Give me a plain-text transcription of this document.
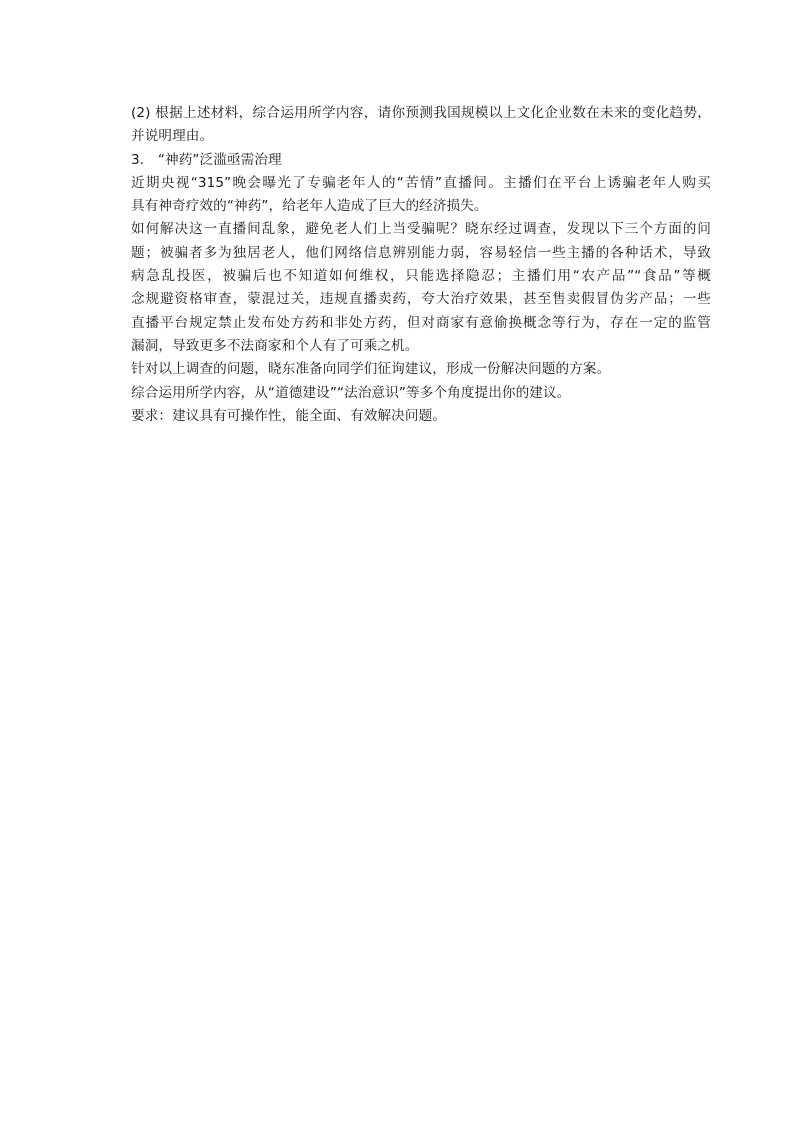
(2) 根据上述材料，综合运用所学内容，请你预测我国规模以上文化企业数在未来的变化趋势，
并说明理由。
3.　“神药”泛滥亟需治理
近期央视“315”晚会曝光了专骗老年人的“苦情”直播间。主播们在平台上诱骗老年人购买
具有神奇疗效的“神药”，给老年人造成了巨大的经济损失。
如何解决这一直播间乱象，避免老人们上当受骗呢？晓东经过调查，发现以下三个方面的问
题；被骗者多为独居老人，他们网络信息辨别能力弱，容易轻信一些主播的各种话术，导致
病急乱投医，被骗后也不知道如何维权，只能选择隐忍；主播们用“农产品”“食品”等概
念规避资格审查，蒙混过关，违规直播卖药，夸大治疗效果，甚至售卖假冒伪劣产品；一些
直播平台规定禁止发布处方药和非处方药，但对商家有意偷换概念等行为，存在一定的监管
漏洞，导致更多不法商家和个人有了可乘之机。
针对以上调查的问题，晓东准备向同学们征询建议，形成一份解决问题的方案。
综合运用所学内容，从“道德建设”“法治意识”等多个角度提出你的建议。
要求：建议具有可操作性，能全面、有效解决问题。
